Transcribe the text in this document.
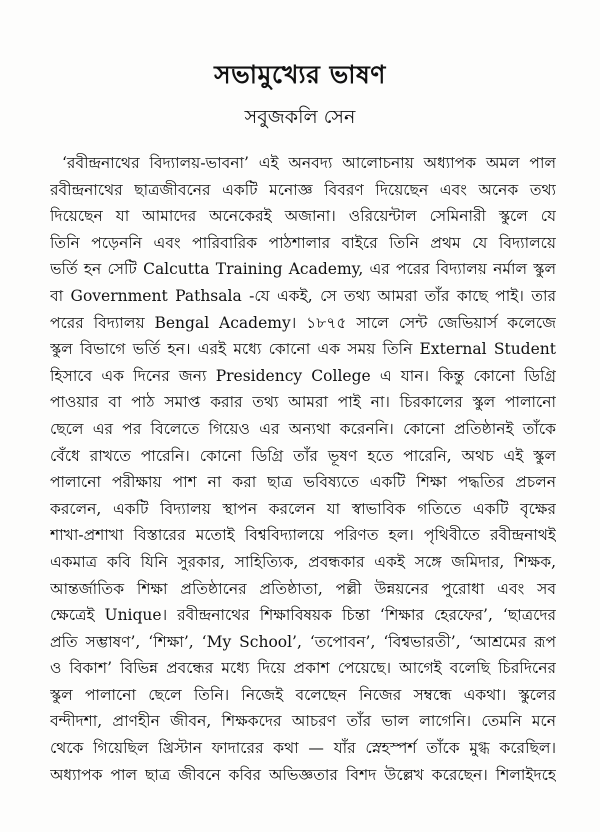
সভামুখ্যের ভাষণ
সবুজকলি সেন
‘রবীন্দ্রনাথের বিদ্যালয়-ভাবনা’ এই অনবদ্য আলোচনায় অধ্যাপক অমল পাল
রবীন্দ্রনাথের ছাত্রজীবনের একটি মনোজ্ঞ বিবরণ দিয়েছেন এবং অনেক তথ্য
দিয়েছেন যা আমাদের অনেকেরই অজানা। ওরিয়েন্টাল সেমিনারী স্কুলে যে
তিনি পড়েননি এবং পারিবারিক পাঠশালার বাইরে তিনি প্রথম যে বিদ্যালয়ে
ভর্তি হন সেটি Calcutta Training Academy, এর পরের বিদ্যালয় নর্মাল স্কুল
বা Government Pathsala -যে একই, সে তথ্য আমরা তাঁর কাছে পাই। তার
পরের বিদ্যালয় Bengal Academy। ১৮৭৫ সালে সেন্ট জেভিয়ার্স কলেজে
স্কুল বিভাগে ভর্তি হন। এরই মধ্যে কোনো এক সময় তিনি External Student
হিসাবে এক দিনের জন্য Presidency College এ যান। কিন্তু কোনো ডিগ্রি
পাওয়ার বা পাঠ সমাপ্ত করার তথ্য আমরা পাই না। চিরকালের স্কুল পালানো
ছেলে এর পর বিলেতে গিয়েও এর অন্যথা করেননি। কোনো প্রতিষ্ঠানই তাঁকে
বেঁধে রাখতে পারেনি। কোনো ডিগ্রি তাঁর ভূষণ হতে পারেনি, অথচ এই স্কুল
পালানো পরীক্ষায় পাশ না করা ছাত্র ভবিষ্যতে একটি শিক্ষা পদ্ধতির প্রচলন
করলেন, একটি বিদ্যালয় স্থাপন করলেন যা স্বাভাবিক গতিতে একটি বৃক্ষের
শাখা-প্রশাখা বিস্তারের মতোই বিশ্ববিদ্যালয়ে পরিণত হল। পৃথিবীতে রবীন্দ্রনাথই
একমাত্র কবি যিনি সুরকার, সাহিত্যিক, প্রবন্ধকার একই সঙ্গে জমিদার, শিক্ষক,
আন্তর্জাতিক শিক্ষা প্রতিষ্ঠানের প্রতিষ্ঠাতা, পল্লী উন্নয়নের পুরোধা এবং সব
ক্ষেত্রেই Unique। রবীন্দ্রনাথের শিক্ষাবিষয়ক চিন্তা ‘শিক্ষার হেরফের’, ‘ছাত্রদের
প্রতি সম্ভাষণ’, ‘শিক্ষা’, ‘My School’, ‘তপোবন’, ‘বিশ্বভারতী’, ‘আশ্রমের রূপ
ও বিকাশ’ বিভিন্ন প্রবন্ধের মধ্যে দিয়ে প্রকাশ পেয়েছে। আগেই বলেছি চিরদিনের
স্কুল পালানো ছেলে তিনি। নিজেই বলেছেন নিজের সম্বন্ধে একথা। স্কুলের
বন্দীদশা, প্রাণহীন জীবন, শিক্ষকদের আচরণ তাঁর ভাল লাগেনি। তেমনি মনে
থেকে গিয়েছিল খ্রিস্টান ফাদারের কথা — যাঁর স্নেহস্পর্শ তাঁকে মুগ্ধ করেছিল।
অধ্যাপক পাল ছাত্র জীবনে কবির অভিজ্ঞতার বিশদ উল্লেখ করেছেন। শিলাইদহে
